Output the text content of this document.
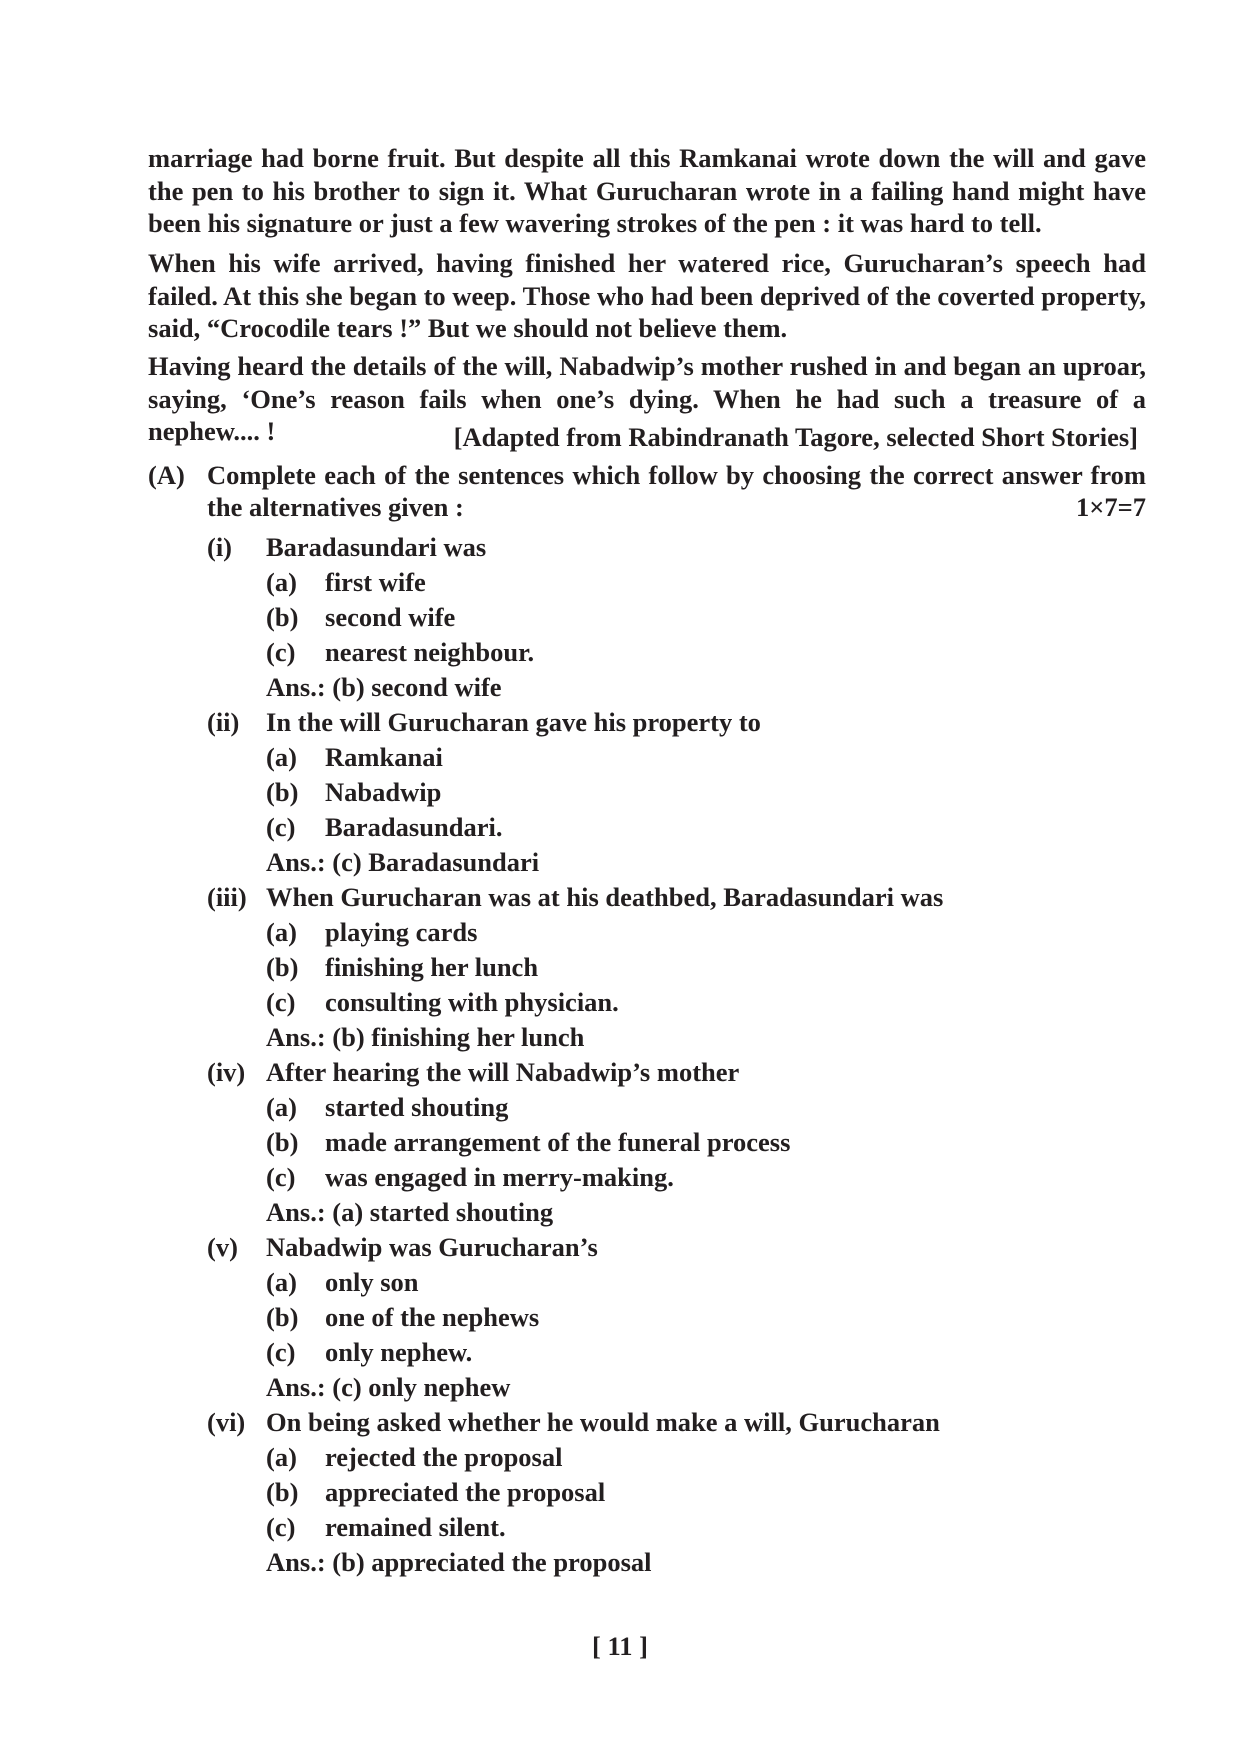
marriage had borne fruit. But despite all this Ramkanai wrote down the will and gave the pen to his brother to sign it. What Gurucharan wrote in a failing hand might have been his signature or just a few wavering strokes of the pen : it was hard to tell.

When his wife arrived, having finished her watered rice, Gurucharan’s speech had failed. At this she began to weep. Those who had been deprived of the coverted property, said, “Crocodile tears !” But we should not believe them.

Having heard the details of the will, Nabadwip’s mother rushed in and began an uproar, saying, ‘One’s reason fails when one’s dying. When he had such a treasure of a nephew.... !	[Adapted from Rabindranath Tagore, selected Short Stories]

(A) Complete each of the sentences which follow by choosing the correct answer from the alternatives given :	1×7=7
(i) Baradasundari was
(a) first wife
(b) second wife
(c) nearest neighbour.
Ans.: (b) second wife
(ii) In the will Gurucharan gave his property to
(a) Ramkanai
(b) Nabadwip
(c) Baradasundari.
Ans.: (c) Baradasundari
(iii) When Gurucharan was at his deathbed, Baradasundari was
(a) playing cards
(b) finishing her lunch
(c) consulting with physician.
Ans.: (b) finishing her lunch
(iv) After hearing the will Nabadwip’s mother
(a) started shouting
(b) made arrangement of the funeral process
(c) was engaged in merry-making.
Ans.: (a) started shouting
(v) Nabadwip was Gurucharan’s
(a) only son
(b) one of the nephews
(c) only nephew.
Ans.: (c) only nephew
(vi) On being asked whether he would make a will, Gurucharan
(a) rejected the proposal
(b) appreciated the proposal
(c) remained silent.
Ans.: (b) appreciated the proposal
[ 11 ]
